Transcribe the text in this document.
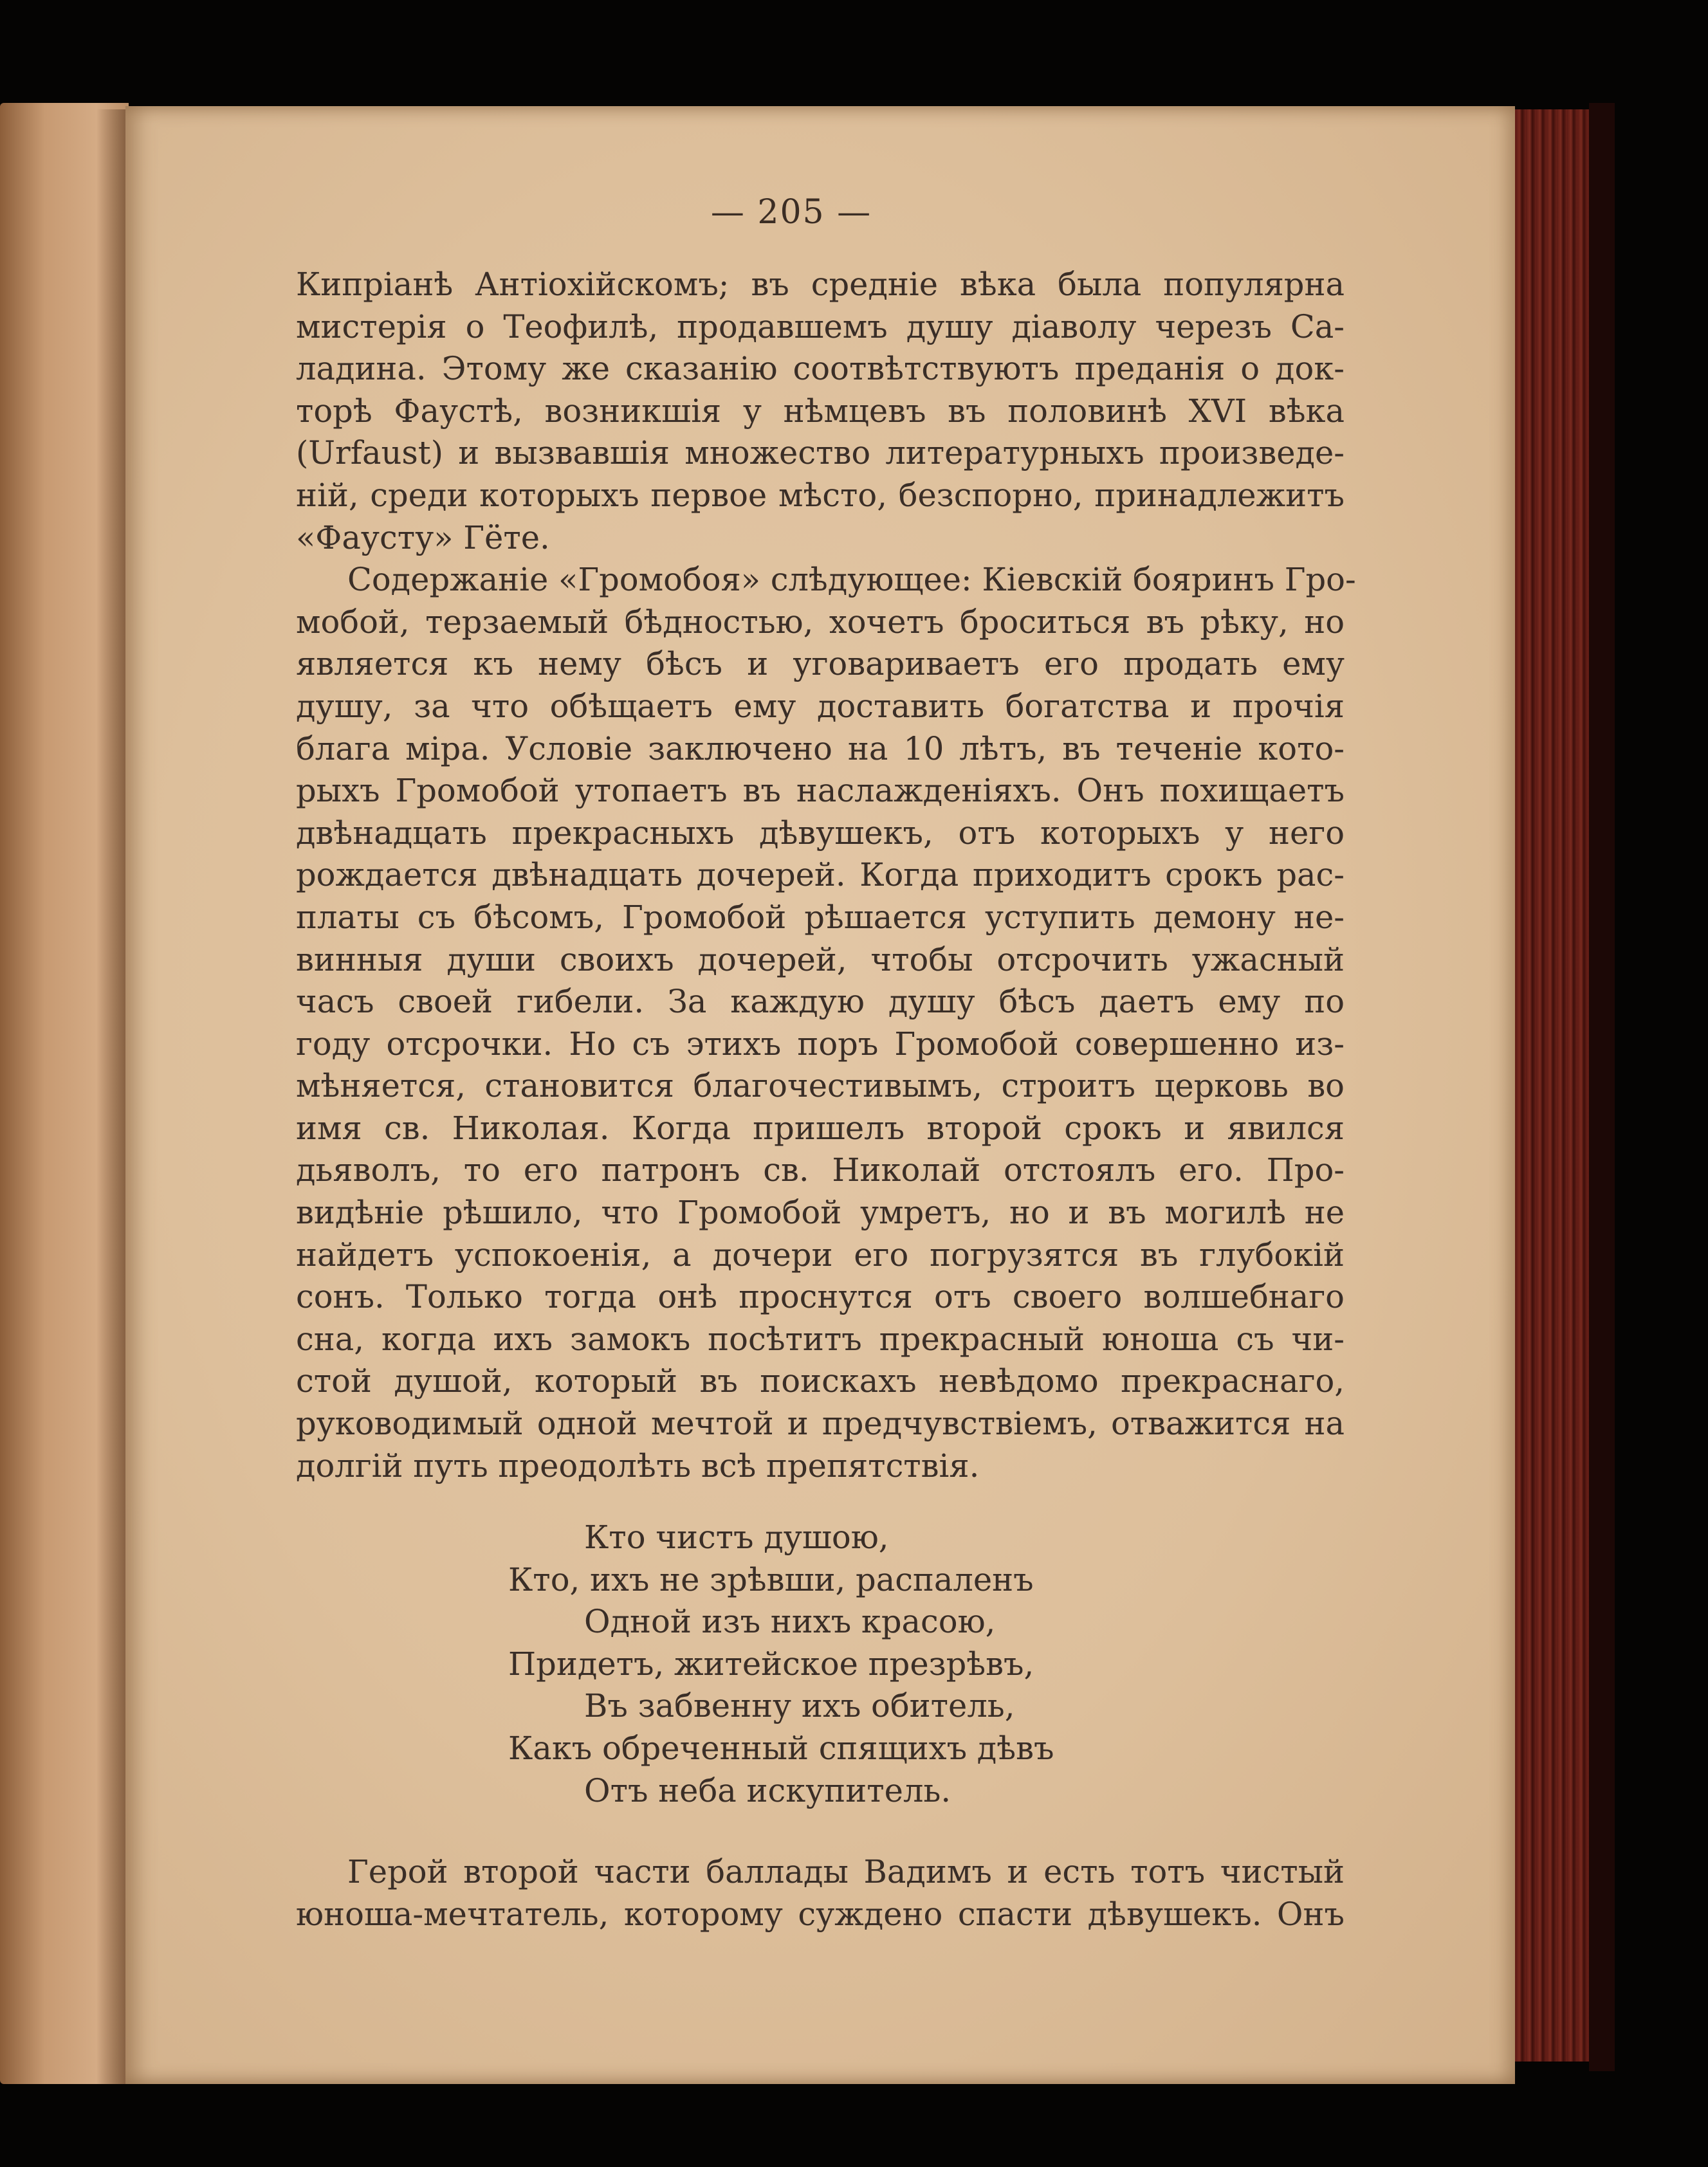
— 205 —
Кипріанѣ Антіохійскомъ; въ средніе вѣка была популярна
мистерія о Теофилѣ, продавшемъ душу діаволу черезъ Са-
ладина. Этому же сказанію соотвѣтствуютъ преданія о док-
торѣ Фаустѣ, возникшія у нѣмцевъ въ половинѣ XVI вѣка
(Urfaust) и вызвавшія множество литературныхъ произведе-
ній, среди которыхъ первое мѣсто, безспорно, принадлежитъ
«Фаусту» Гёте.
Содержаніе «Громобоя» слѣдующее: Кіевскій бояринъ Гро-
мобой, терзаемый бѣдностью, хочетъ броситься въ рѣку, но
является къ нему бѣсъ и уговариваетъ его продать ему
душу, за что обѣщаетъ ему доставить богатства и прочія
блага міра. Условіе заключено на 10 лѣтъ, въ теченіе кото-
рыхъ Громобой утопаетъ въ наслажденіяхъ. Онъ похищаетъ
двѣнадцать прекрасныхъ дѣвушекъ, отъ которыхъ у него
рождается двѣнадцать дочерей. Когда приходитъ срокъ рас-
платы съ бѣсомъ, Громобой рѣшается уступить демону не-
винныя души своихъ дочерей, чтобы отсрочить ужасный
часъ своей гибели. За каждую душу бѣсъ даетъ ему по
году отсрочки. Но съ этихъ поръ Громобой совершенно из-
мѣняется, становится благочестивымъ, строитъ церковь во
имя св. Николая. Когда пришелъ второй срокъ и явился
дьяволъ, то его патронъ св. Николай отстоялъ его. Про-
видѣніе рѣшило, что Громобой умретъ, но и въ могилѣ не
найдетъ успокоенія, а дочери его погрузятся въ глубокій
сонъ. Только тогда онѣ проснутся отъ своего волшебнаго
сна, когда ихъ замокъ посѣтитъ прекрасный юноша съ чи-
стой душой, который въ поискахъ невѣдомо прекраснаго,
руководимый одной мечтой и предчувствіемъ, отважится на
долгій путь преодолѣть всѣ препятствія.
Кто чистъ душою,
Кто, ихъ не зрѣвши, распаленъ
Одной изъ нихъ красою,
Придетъ, житейское презрѣвъ,
Въ забвенну ихъ обитель,
Какъ обреченный спящихъ дѣвъ
Отъ неба искупитель.
Герой второй части баллады Вадимъ и есть тотъ чистый
юноша-мечтатель, которому суждено спасти дѣвушекъ. Онъ
